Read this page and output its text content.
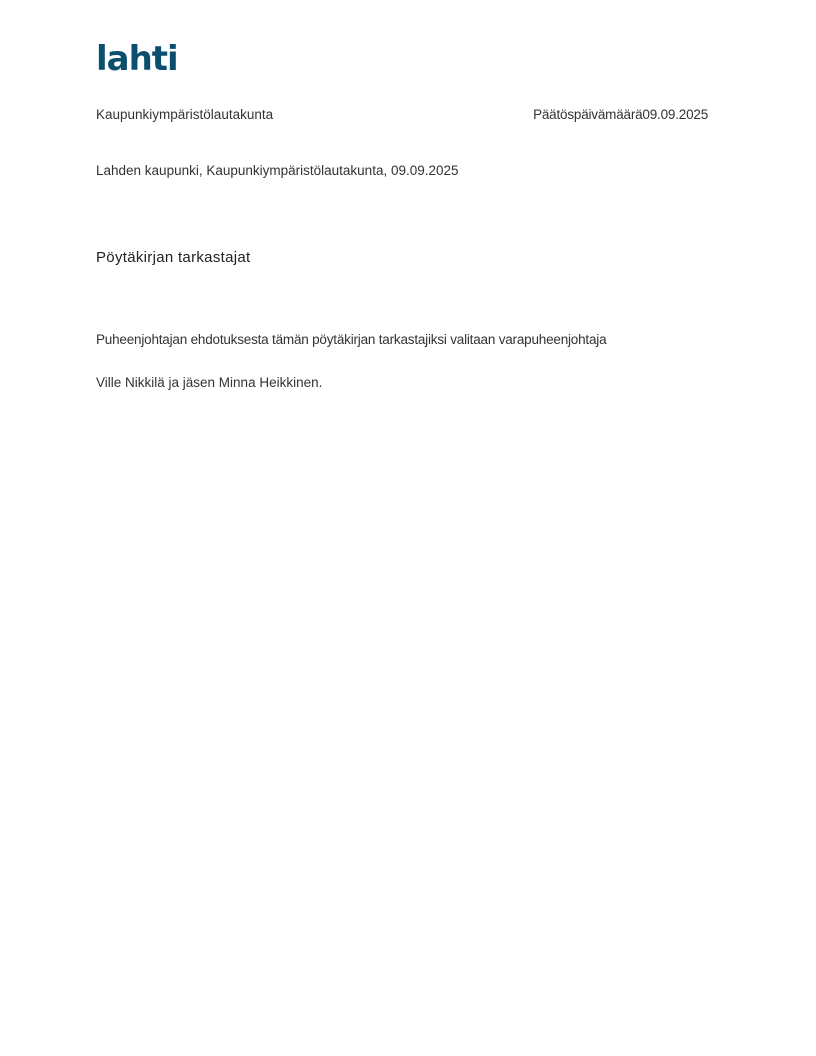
lahti
Kaupunkiympäristölautakunta	Päätöspäivämäärä09.09.2025
Lahden kaupunki, Kaupunkiympäristölautakunta, 09.09.2025
Pöytäkirjan tarkastajat
Puheenjohtajan ehdotuksesta tämän pöytäkirjan tarkastajiksi valitaan varapuheenjohtaja
Ville Nikkilä ja jäsen Minna Heikkinen.
